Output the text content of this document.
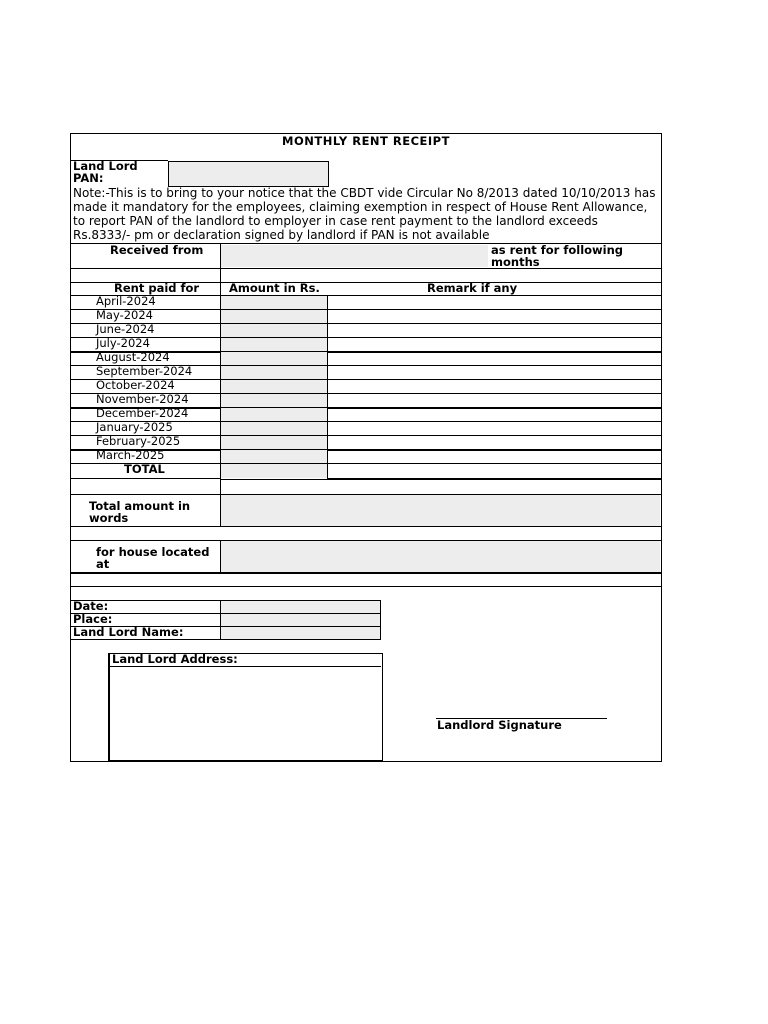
MONTHLY RENT RECEIPT
Land Lord
PAN:
Note:-This is to bring to your notice that the CBDT vide Circular No 8/2013 dated 10/10/2013 has made it mandatory for the employees, claiming exemption in respect of House Rent Allowance, to report PAN of the landlord to employer in case rent payment to the landlord exceeds Rs.8333/- pm or declaration signed by landlord if PAN is not available
Received from	as rent for following
months
Rent paid for	Amount in Rs.	Remark if any
April-2024
May-2024
June-2024
July-2024
August-2024
September-2024
October-2024
November-2024
December-2024
January-2025
February-2025
March-2025
TOTAL
Total amount in
words
for house located
at
Date:
Place:
Land Lord Name:
Land Lord Address:
Landlord Signature
